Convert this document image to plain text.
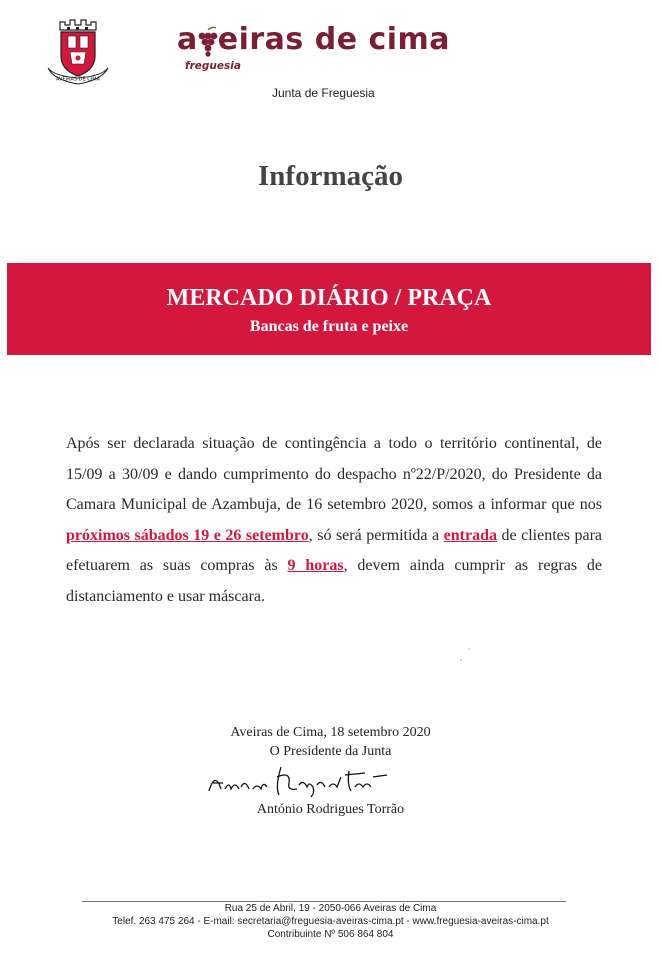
AVEIRAS DE CIMA
a eiras de cima
freguesia
Junta de Freguesia
Informação
MERCADO DIÁRIO / PRAÇA
Bancas de fruta e peixe
Após ser declarada situação de contingência a todo o território continental, de 15/09 a 30/09 e dando cumprimento do despacho nº22/P/2020, do Presidente da Camara Municipal de Azambuja, de 16 setembro 2020, somos a informar que nos próximos sábados 19 e 26 setembro, só será permitida a entrada de clientes para efetuarem as suas compras às 9 horas, devem ainda cumprir as regras de distanciamento e usar máscara.
Aveiras de Cima, 18 setembro 2020
O Presidente da Junta
António Rodrigues Torrão
Rua 25 de Abril, 19 - 2050-066 Aveiras de Cima
Telef. 263 475 264 - E-mail: secretaria@freguesia-aveiras-cima.pt - www.freguesia-aveiras-cima.pt
Contribuinte Nº 506 864 804
